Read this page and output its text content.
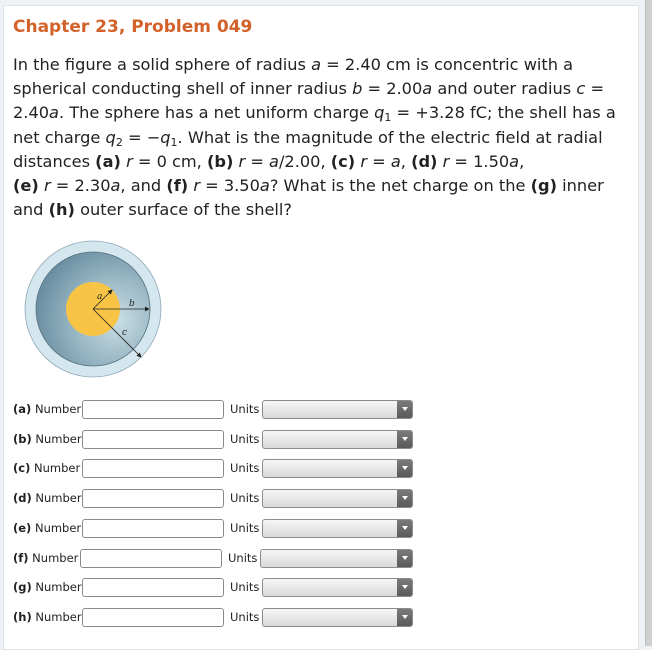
Chapter 23, Problem 049

In the figure a solid sphere of radius a = 2.40 cm is concentric with a spherical conducting shell of inner radius b = 2.00a and outer radius c = 2.40a. The sphere has a net uniform charge $q_1 = +3.28$ fC; the shell has a net charge $q_2 = -q_1$. What is the magnitude of the electric field at radial distances (a) r = 0 cm, (b) r = a/2.00, (c) r = a, (d) r = 1.50a,
(e) r = 2.30a, and (f) r = 3.50a? What is the net charge on the (g) inner and (h) outer surface of the shell?

a
b
c
(a) Number	Units
(b) Number	Units
(c) Number	Units
(d) Number	Units
(e) Number	Units
(f) Number	Units
(g) Number	Units
(h) Number	Units
